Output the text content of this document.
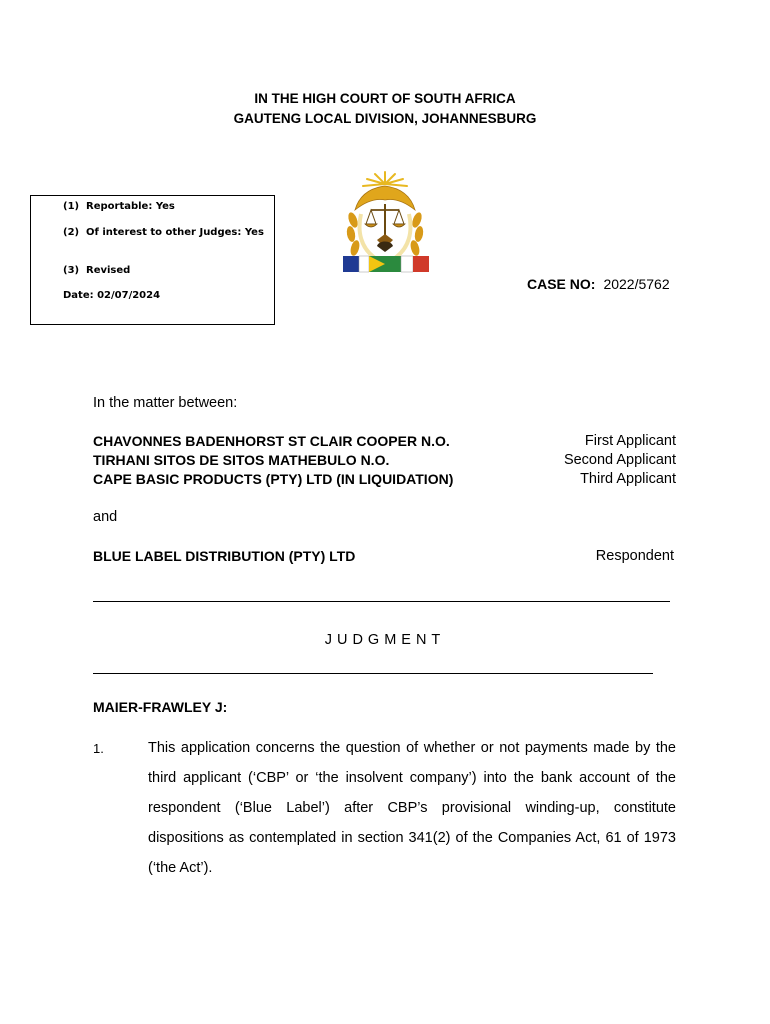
IN THE HIGH COURT OF SOUTH AFRICA
GAUTENG LOCAL DIVISION, JOHANNESBURG
(1) Reportable: Yes
(2) Of interest to other Judges: Yes
(3) Revised
Date: 02/07/2024
CASE NO: 2022/5762
In the matter between:
CHAVONNES BADENHORST ST CLAIR COOPER N.O.	First Applicant
TIRHANI SITOS DE SITOS MATHEBULO N.O.	Second Applicant
CAPE BASIC PRODUCTS (PTY) LTD (IN LIQUIDATION)	Third Applicant
and
BLUE LABEL DISTRIBUTION (PTY) LTD	Respondent
JUDGMENT
MAIER-FRAWLEY J:
1.	This application concerns the question of whether or not payments made by the third applicant (‘CBP’ or ‘the insolvent company’) into the bank account of the respondent (‘Blue Label’) after CBP’s provisional winding-up, constitute dispositions as contemplated in section 341(2) of the Companies Act, 61 of 1973 (‘the Act’).
